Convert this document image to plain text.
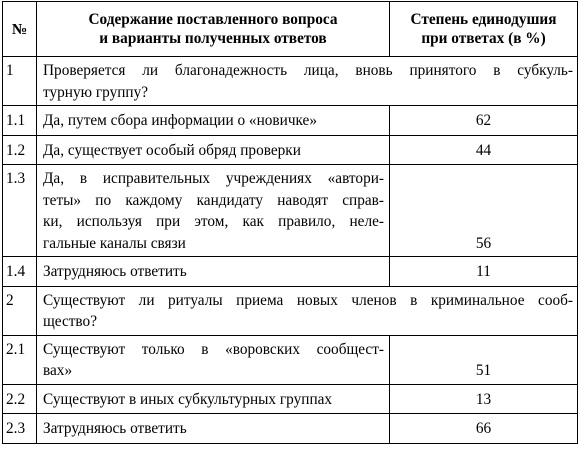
№	Содержание поставленного вопроса
и варианты полученных ответов	Степень единодушия
при ответах (в %)

1	Проверяется ли благонадежность лица, вновь принятого в субкуль-
турную группу?	

1.1	Да, путем сбора информации о «новичке»	62
1.2	Да, существует особый обряд проверки	44
1.3	Да, в исправительных учреждениях «автори-
теты» по каждому кандидату наводят справ-
ки, используя при этом, как правило, неле-
гальные каналы связи	56
1.4	Затрудняюсь ответить	11
2	Существуют ли ритуалы приема новых членов в криминальное сооб-
щество?	

2.1	Существуют только в «воровских сообщест-
вах»	51
2.2	Существуют в иных субкультурных группах	13
2.3	Затрудняюсь ответить	66
